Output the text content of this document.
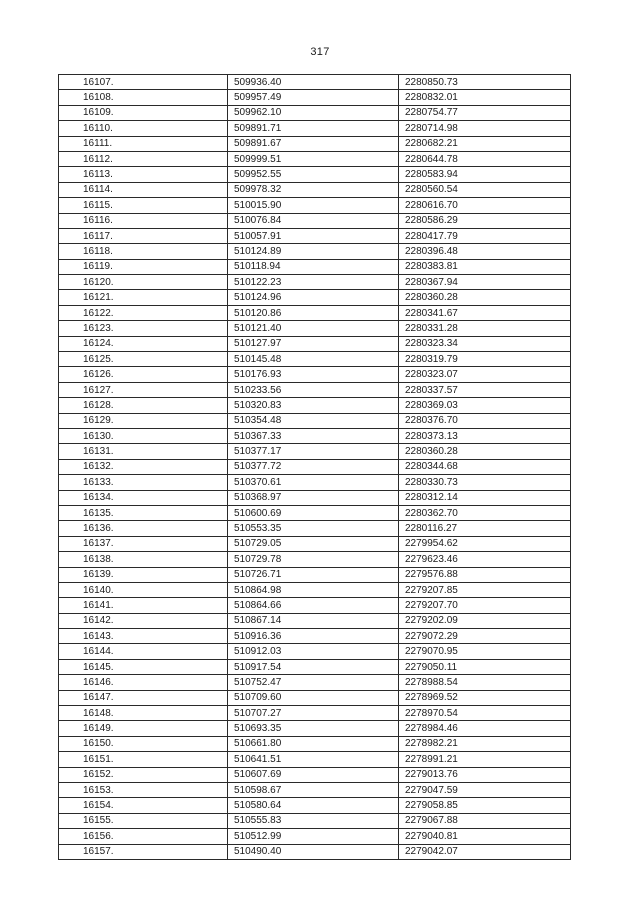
317
16107.	509936.40	2280850.73
16108.	509957.49	2280832.01
16109.	509962.10	2280754.77
16110.	509891.71	2280714.98
16111.	509891.67	2280682.21
16112.	509999.51	2280644.78
16113.	509952.55	2280583.94
16114.	509978.32	2280560.54
16115.	510015.90	2280616.70
16116.	510076.84	2280586.29
16117.	510057.91	2280417.79
16118.	510124.89	2280396.48
16119.	510118.94	2280383.81
16120.	510122.23	2280367.94
16121.	510124.96	2280360.28
16122.	510120.86	2280341.67
16123.	510121.40	2280331.28
16124.	510127.97	2280323.34
16125.	510145.48	2280319.79
16126.	510176.93	2280323.07
16127.	510233.56	2280337.57
16128.	510320.83	2280369.03
16129.	510354.48	2280376.70
16130.	510367.33	2280373.13
16131.	510377.17	2280360.28
16132.	510377.72	2280344.68
16133.	510370.61	2280330.73
16134.	510368.97	2280312.14
16135.	510600.69	2280362.70
16136.	510553.35	2280116.27
16137.	510729.05	2279954.62
16138.	510729.78	2279623.46
16139.	510726.71	2279576.88
16140.	510864.98	2279207.85
16141.	510864.66	2279207.70
16142.	510867.14	2279202.09
16143.	510916.36	2279072.29
16144.	510912.03	2279070.95
16145.	510917.54	2279050.11
16146.	510752.47	2278988.54
16147.	510709.60	2278969.52
16148.	510707.27	2278970.54
16149.	510693.35	2278984.46
16150.	510661.80	2278982.21
16151.	510641.51	2278991.21
16152.	510607.69	2279013.76
16153.	510598.67	2279047.59
16154.	510580.64	2279058.85
16155.	510555.83	2279067.88
16156.	510512.99	2279040.81
16157.	510490.40	2279042.07
